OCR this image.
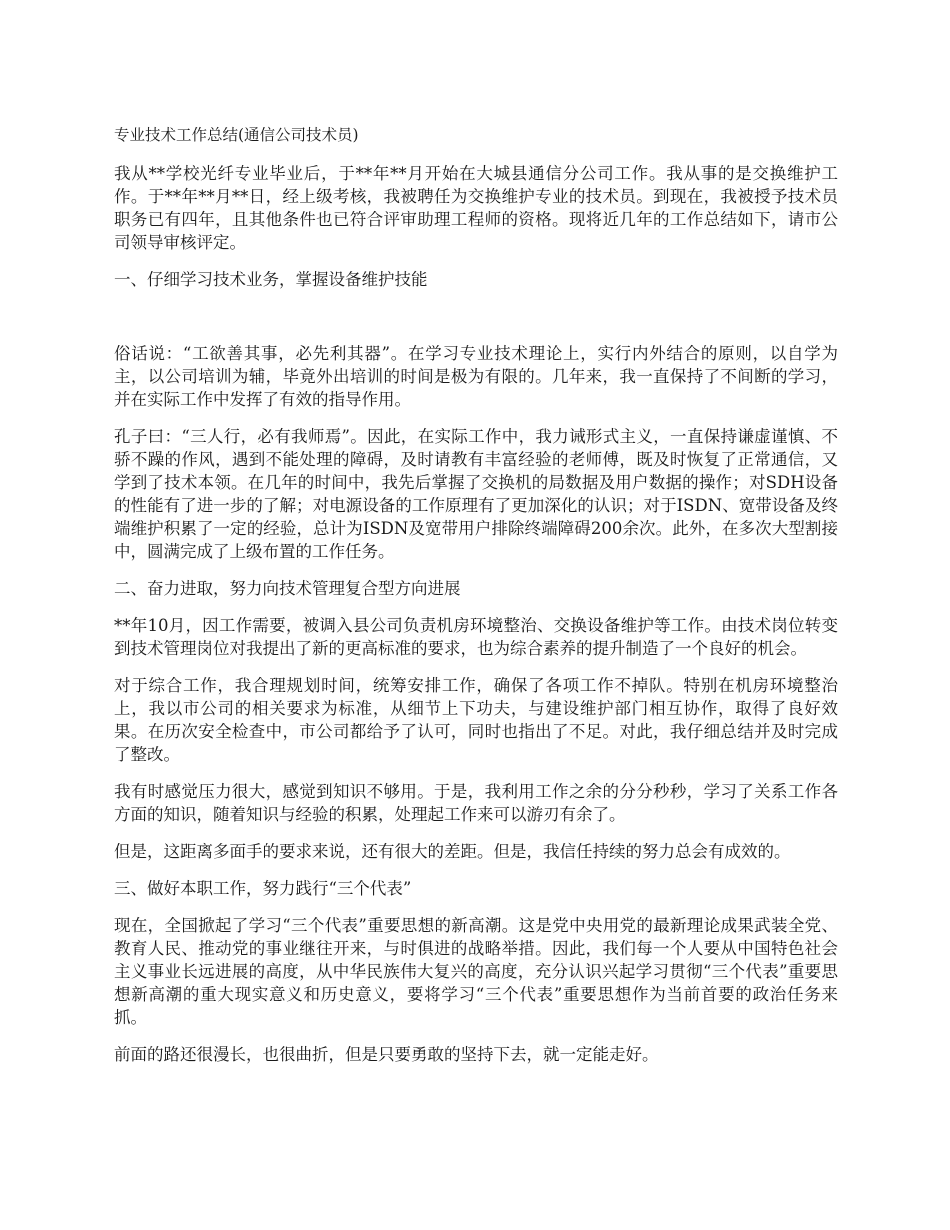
专业技术工作总结(通信公司技术员)

我从**学校光纤专业毕业后，于**年**月开始在大城县通信分公司工作。我从事的是交换维护工作。于**年**月**日，经上级考核，我被聘任为交换维护专业的技术员。到现在，我被授予技术员职务已有四年，且其他条件也已符合评审助理工程师的资格。现将近几年的工作总结如下，请市公司领导审核评定。

一、仔细学习技术业务，掌握设备维护技能

俗话说：“工欲善其事，必先利其器”。在学习专业技术理论上，实行内外结合的原则，以自学为主，以公司培训为辅，毕竟外出培训的时间是极为有限的。几年来，我一直保持了不间断的学习，并在实际工作中发挥了有效的指导作用。

孔子曰：“三人行，必有我师焉”。因此，在实际工作中，我力诫形式主义，一直保持谦虚谨慎、不骄不躁的作风，遇到不能处理的障碍，及时请教有丰富经验的老师傅，既及时恢复了正常通信，又学到了技术本领。在几年的时间中，我先后掌握了交换机的局数据及用户数据的操作；对SDH设备的性能有了进一步的了解；对电源设备的工作原理有了更加深化的认识；对于ISDN、宽带设备及终端维护积累了一定的经验，总计为ISDN及宽带用户排除终端障碍200余次。此外，在多次大型割接中，圆满完成了上级布置的工作任务。

二、奋力进取，努力向技术管理复合型方向进展

**年10月，因工作需要，被调入县公司负责机房环境整治、交换设备维护等工作。由技术岗位转变到技术管理岗位对我提出了新的更高标准的要求，也为综合素养的提升制造了一个良好的机会。

对于综合工作，我合理规划时间，统筹安排工作，确保了各项工作不掉队。特别在机房环境整治上，我以市公司的相关要求为标准，从细节上下功夫，与建设维护部门相互协作，取得了良好效果。在历次安全检查中，市公司都给予了认可，同时也指出了不足。对此，我仔细总结并及时完成了整改。

我有时感觉压力很大，感觉到知识不够用。于是，我利用工作之余的分分秒秒，学习了关系工作各方面的知识，随着知识与经验的积累，处理起工作来可以游刃有余了。

但是，这距离多面手的要求来说，还有很大的差距。但是，我信任持续的努力总会有成效的。

三、做好本职工作，努力践行“三个代表”

现在，全国掀起了学习“三个代表”重要思想的新高潮。这是党中央用党的最新理论成果武装全党、教育人民、推动党的事业继往开来，与时俱进的战略举措。因此，我们每一个人要从中国特色社会主义事业长远进展的高度，从中华民族伟大复兴的高度，充分认识兴起学习贯彻“三个代表”重要思想新高潮的重大现实意义和历史意义，要将学习“三个代表”重要思想作为当前首要的政治任务来抓。

前面的路还很漫长，也很曲折，但是只要勇敢的坚持下去，就一定能走好。
